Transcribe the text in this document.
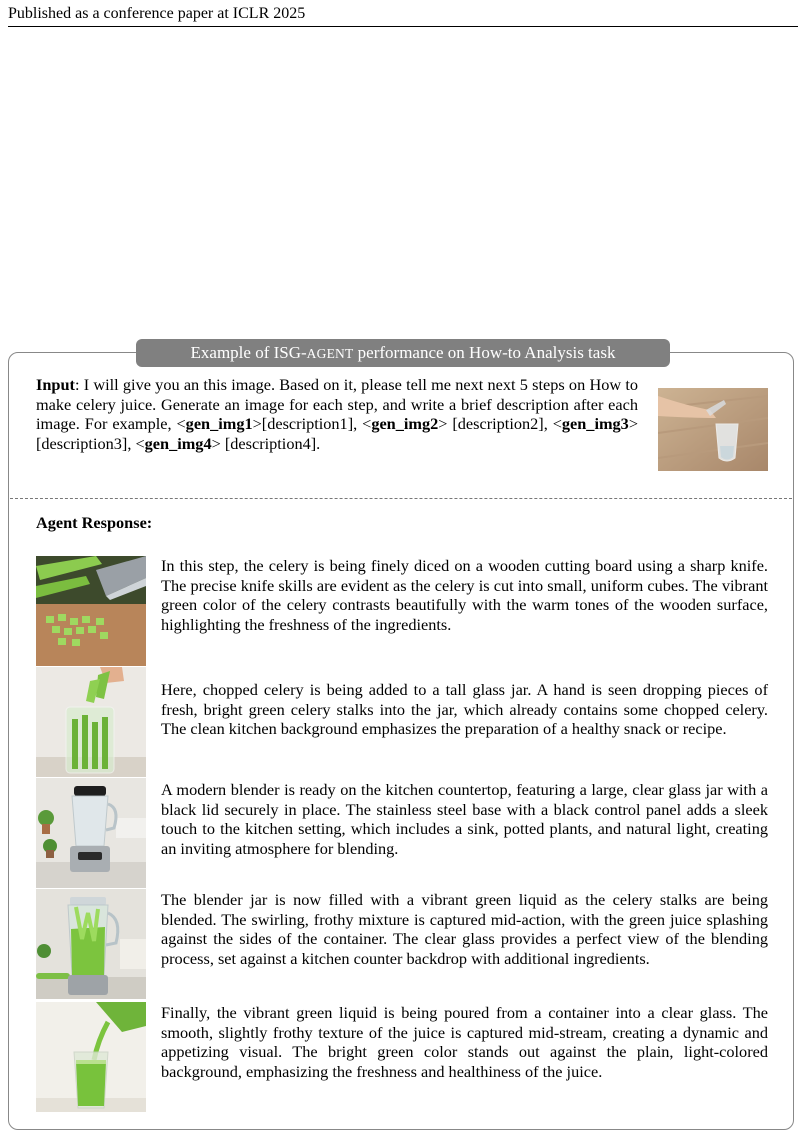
Published as a conference paper at ICLR 2025
Example of ISG-AGENT performance on How-to Analysis task

Input: I will give you an this image. Based on it, please tell me next next 5 steps on How to make celery juice. Generate an image for each step, and write a brief description after each image. For example, <gen_img1>[description1], <gen_img2> [description2], <gen_img3> [description3], <gen_img4> [description4].

Agent Response:

In this step, the celery is being finely diced on a wooden cutting board using a sharp knife. The precise knife skills are evident as the celery is cut into small, uniform cubes. The vibrant green color of the celery contrasts beautifully with the warm tones of the wooden surface, highlighting the freshness of the ingredients.

Here, chopped celery is being added to a tall glass jar. A hand is seen dropping pieces of fresh, bright green celery stalks into the jar, which already contains some chopped celery. The clean kitchen background emphasizes the preparation of a healthy snack or recipe.

A modern blender is ready on the kitchen countertop, featuring a large, clear glass jar with a black lid securely in place. The stainless steel base with a black control panel adds a sleek touch to the kitchen setting, which includes a sink, potted plants, and natural light, creating an inviting atmosphere for blending.

The blender jar is now filled with a vibrant green liquid as the celery stalks are being blended. The swirling, frothy mixture is captured mid-action, with the green juice splashing against the sides of the container. The clear glass provides a perfect view of the blending process, set against a kitchen counter backdrop with additional ingredients.

Finally, the vibrant green liquid is being poured from a container into a clear glass. The smooth, slightly frothy texture of the juice is captured mid-stream, creating a dynamic and appetizing visual. The bright green color stands out against the plain, light-colored background, emphasizing the freshness and healthiness of the juice.
